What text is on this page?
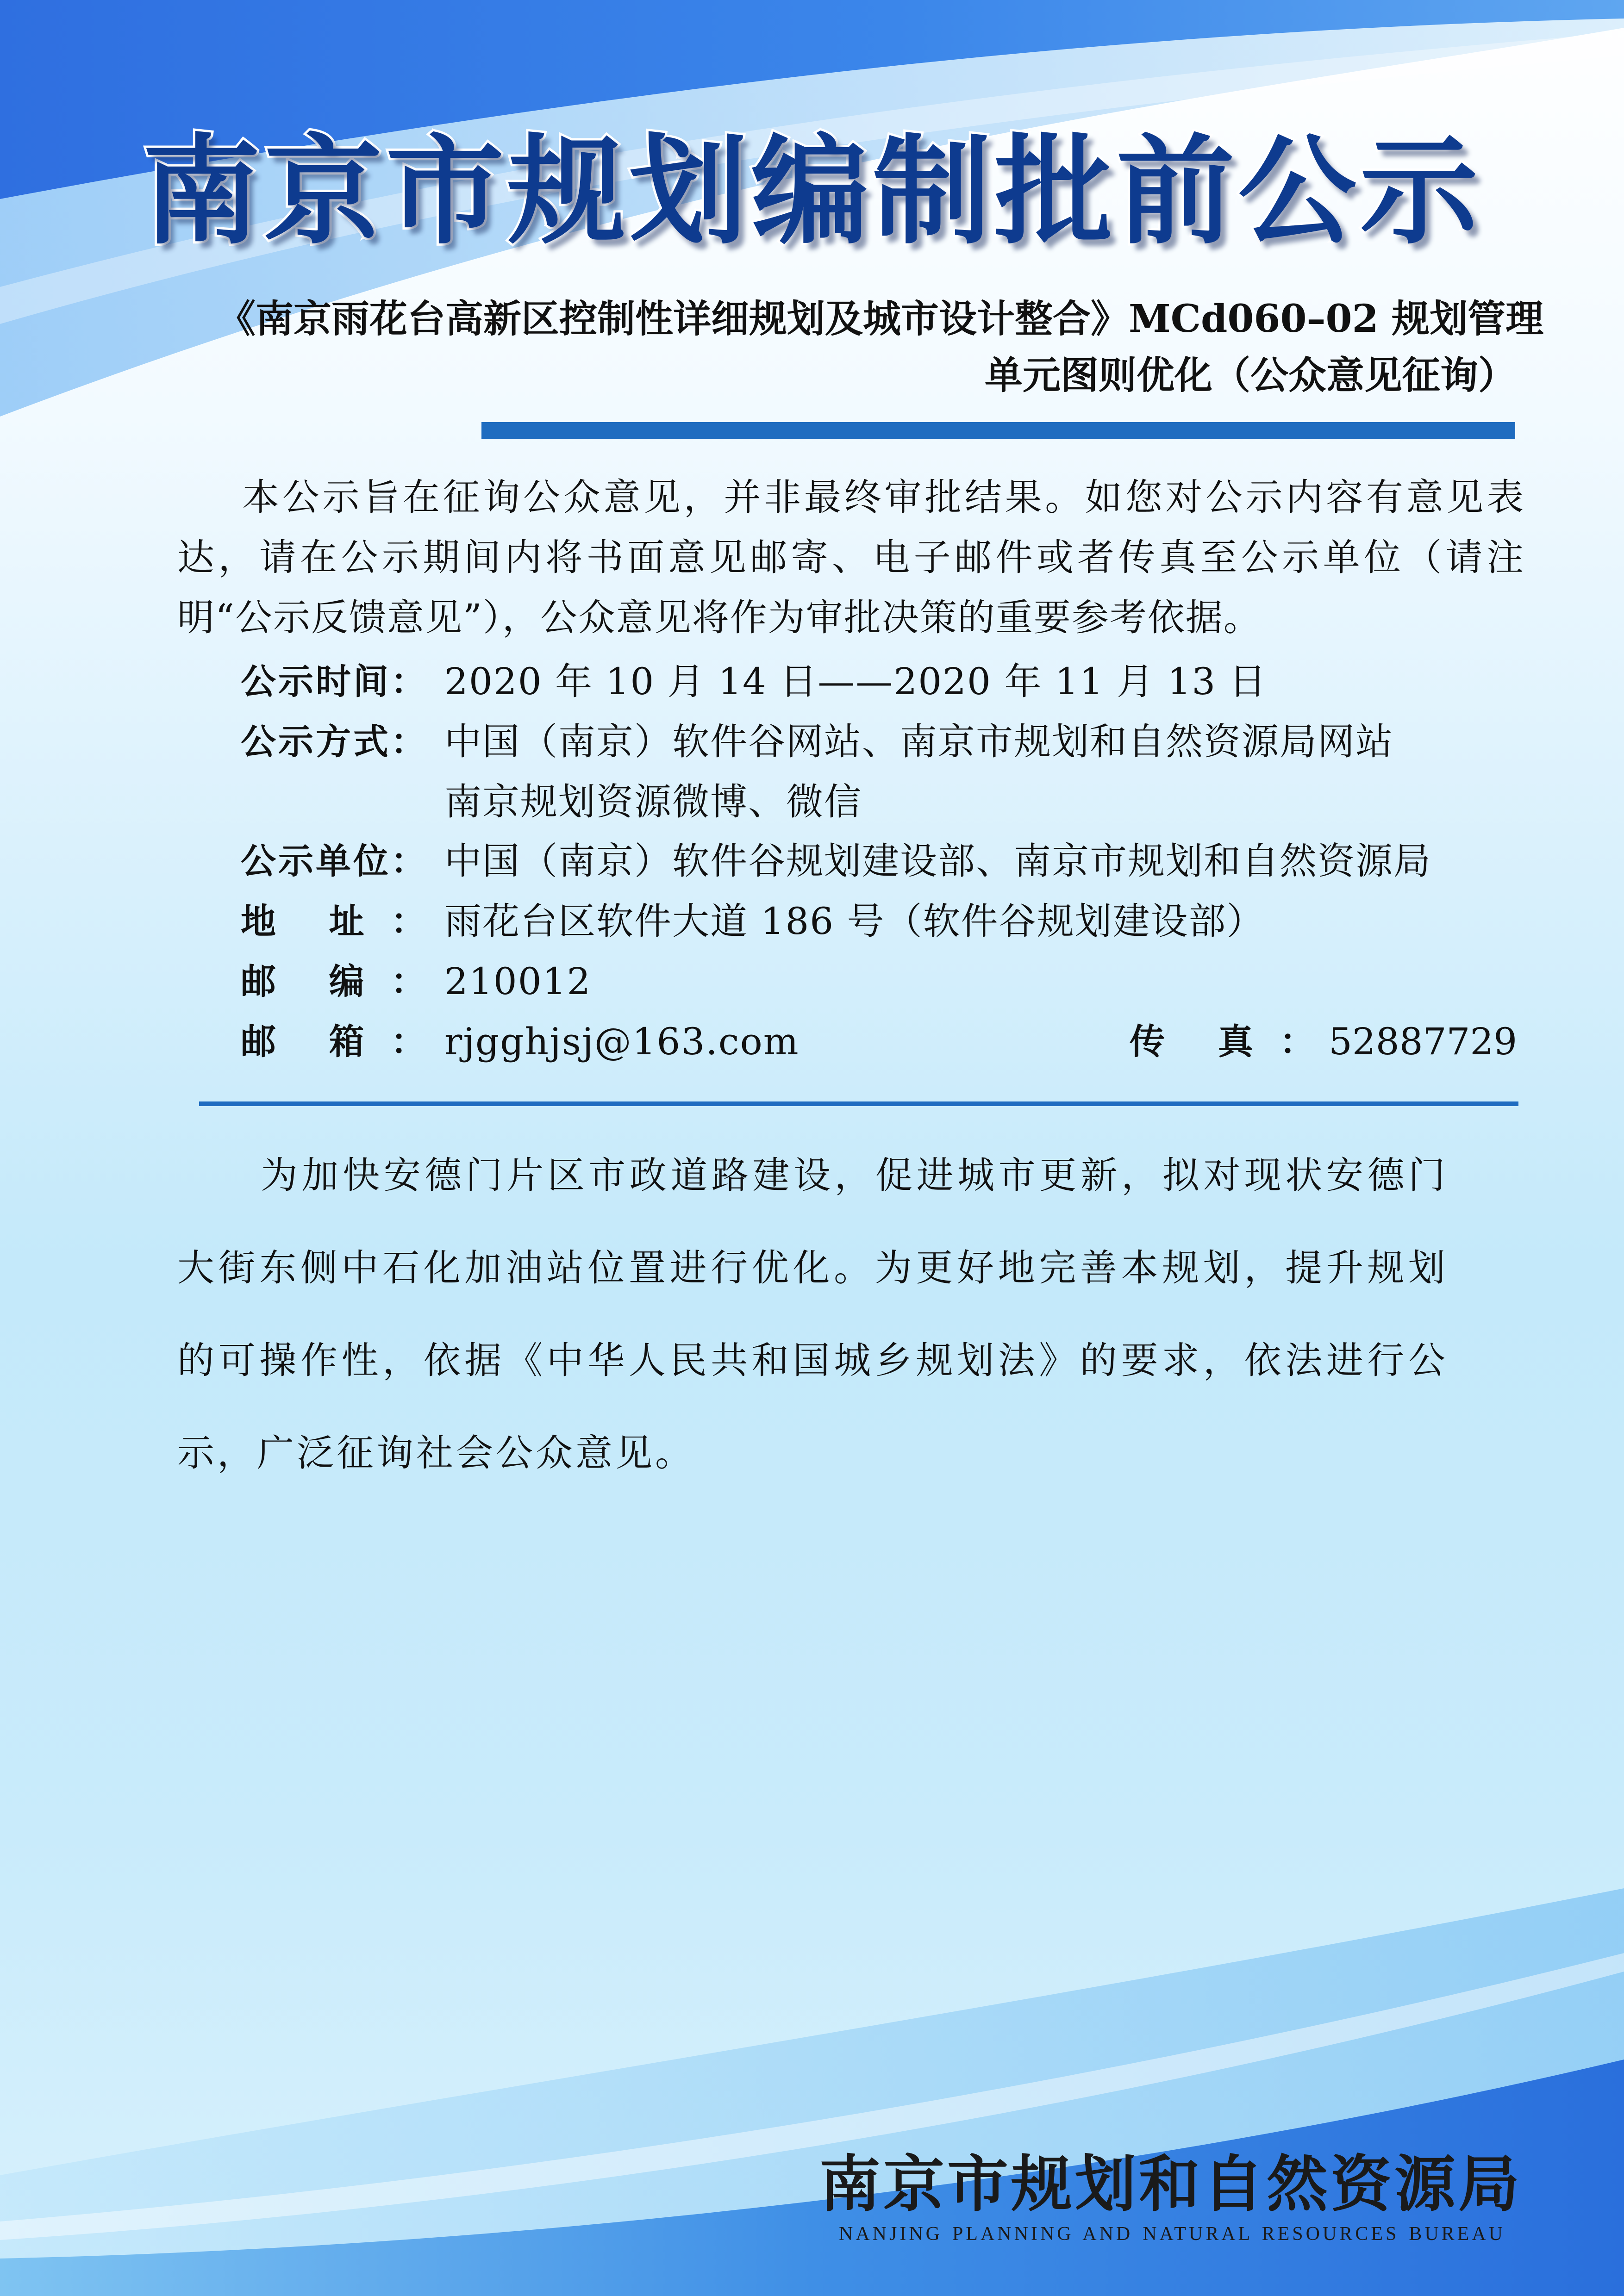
南京市规划编制批前公示
《南京雨花台高新区控制性详细规划及城市设计整合》MCd060–02 规划管理
单元图则优化（公众意见征询）
本公示旨在征询公众意见，并非最终审批结果。如您对公示内容有意见表达，请在公示期间内将书面意见邮寄、电子邮件或者传真至公示单位（请注明“公示反馈意见”），公众意见将作为审批决策的重要参考依据。
公 示 时 间 ： 2020 年 10 月 14 日——2020 年 11 月 13 日
公 示 方 式 ： 中国（南京）软件谷网站、南京市规划和自然资源局网站
南京规划资源微博、微信
公 示 单 位 ： 中国（南京）软件谷规划建设部、南京市规划和自然资源局
地 址 ： 雨花台区软件大道 186 号（软件谷规划建设部）
邮 编 ： 210012
邮 箱 ： rjgghjsj@163.com	传 真 ： 52887729
为加快安德门片区市政道路建设，促进城市更新，拟对现状安德门大街东侧中石化加油站位置进行优化。为更好地完善本规划，提升规划的可操作性，依据《中华人民共和国城乡规划法》的要求，依法进行公示，广泛征询社会公众意见。
南京市规划和自然资源局
NANJING PLANNING AND NATURAL RESOURCES BUREAU
